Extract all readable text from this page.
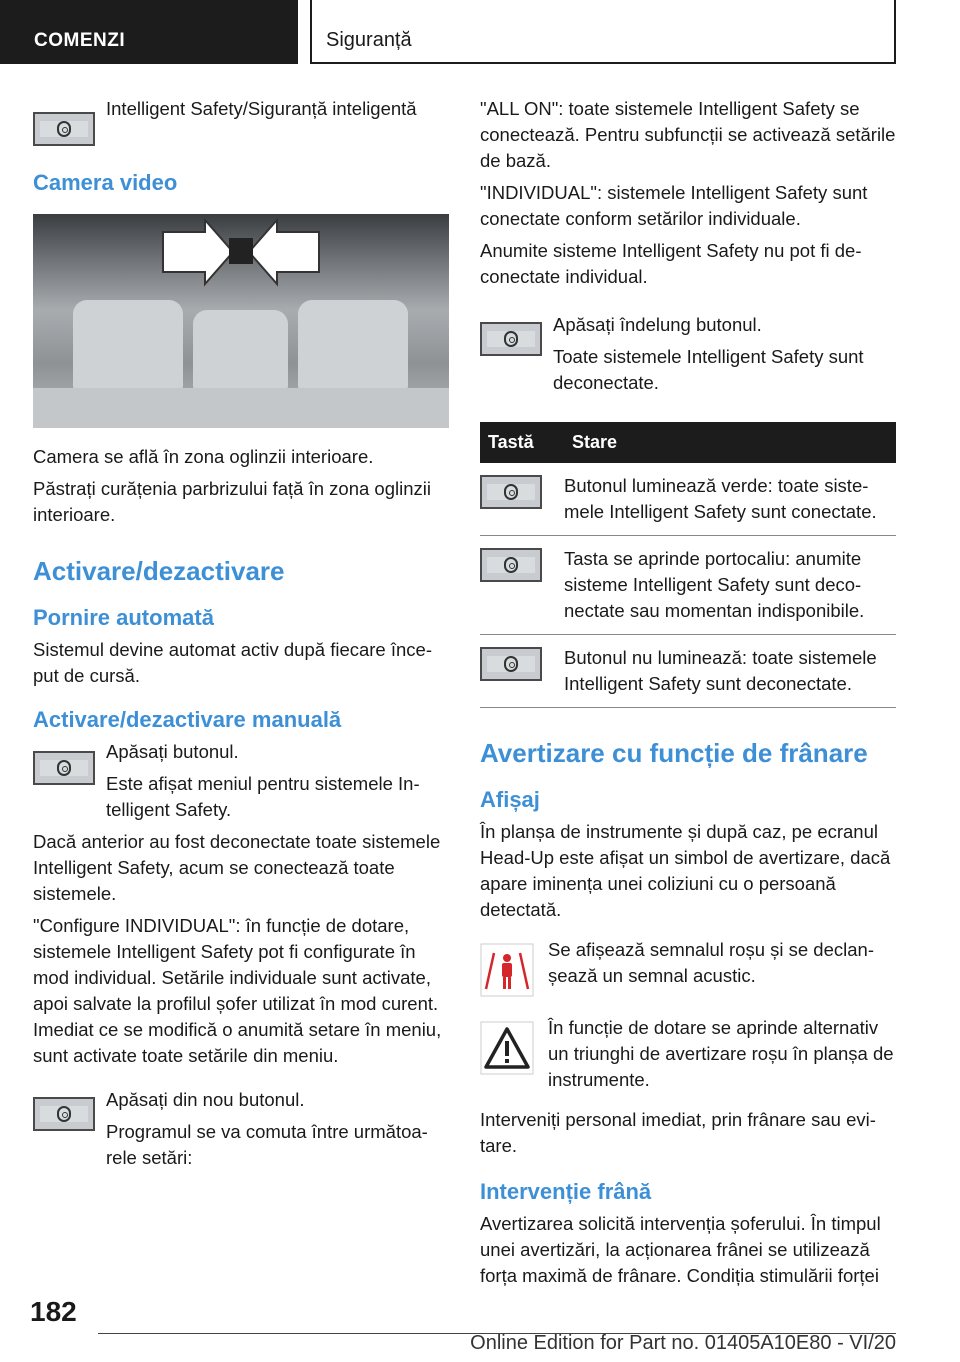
COMENZI	Siguranță

Intelligent Safety/Siguranță inteligentă

Camera video

Camera se află în zona oglinzii interioare.

Păstrați curățenia parbrizului față în zona oglinzii interioare.

Activare/dezactivare
Pornire automată

Sistemul devine automat activ după fiecare început de cursă.

Activare/dezactivare manuală

Apăsați butonul.

Este afișat meniul pentru sistemele Intelligent Safety.

Dacă anterior au fost deconectate toate sistemele Intelligent Safety, acum se conectează toate sistemele.

"Configure INDIVIDUAL": în funcție de dotare, sistemele Intelligent Safety pot fi configurate în mod individual. Setările individuale sunt activate, apoi salvate la profilul șofer utilizat în mod curent. Imediat ce se modifică o anumită setare în meniu, sunt activate toate setările din meniu.

Apăsați din nou butonul.

Programul se va comuta între următoarele setări:

"ALL ON": toate sistemele Intelligent Safety se conectează. Pentru subfuncții se activează setările de bază.

"INDIVIDUAL": sistemele Intelligent Safety sunt conectate conform setărilor individuale.

Anumite sisteme Intelligent Safety nu pot fi deconectate individual.

Apăsați îndelung butonul.

Toate sistemele Intelligent Safety sunt deconectate.

Tastă	Stare

	Butonul luminează verde: toate sistemele Intelligent Safety sunt conectate.

	Tasta se aprinde portocaliu: anumite sisteme Intelligent Safety sunt deconectate sau momentan indisponibile.

	Butonul nu luminează: toate sistemele Intelligent Safety sunt deconectate.
Avertizare cu funcție de frânare
Afișaj

În planșa de instrumente și după caz, pe ecranul Head-Up este afișat un simbol de avertizare, dacă apare iminența unei coliziuni cu o persoană detectată.

Se afișează semnalul roșu și se declanșează un semnal acustic.

În funcție de dotare se aprinde alternativ un triunghi de avertizare roșu în planșa de instrumente.

Interveniți personal imediat, prin frânare sau evitare.

Intervenție frână

Avertizarea solicită intervenția șoferului. În timpul unei avertizări, la acționarea frânei se utilizează forța maximă de frânare. Condiția stimulării forței

182
Online Edition for Part no. 01405A10E80 - VI/20
